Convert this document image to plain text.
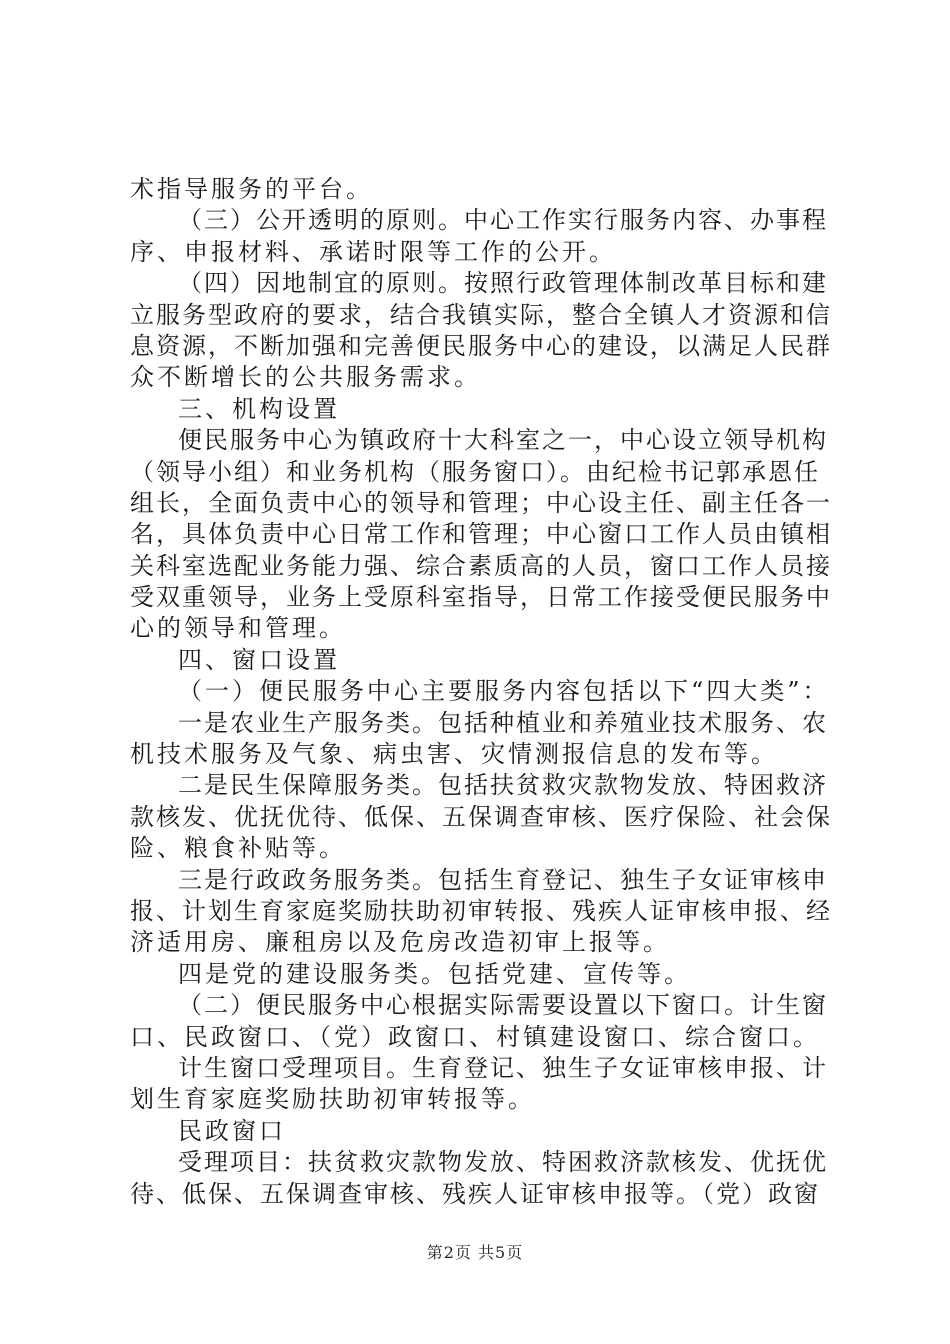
术指导服务的平台。
（三）公开透明的原则。中心工作实行服务内容、办事程
序、申报材料、承诺时限等工作的公开。
（四）因地制宜的原则。按照行政管理体制改革目标和建
立服务型政府的要求，结合我镇实际，整合全镇人才资源和信
息资源，不断加强和完善便民服务中心的建设，以满足人民群
众不断增长的公共服务需求。
三、机构设置
便民服务中心为镇政府十大科室之一，中心设立领导机构
（领导小组）和业务机构（服务窗口）。由纪检书记郭承恩任
组长，全面负责中心的领导和管理；中心设主任、副主任各一
名，具体负责中心日常工作和管理；中心窗口工作人员由镇相
关科室选配业务能力强、综合素质高的人员，窗口工作人员接
受双重领导，业务上受原科室指导，日常工作接受便民服务中
心的领导和管理。
四、窗口设置
（一）便民服务中心主要服务内容包括以下“四大类”：
一是农业生产服务类。包括种植业和养殖业技术服务、农
机技术服务及气象、病虫害、灾情测报信息的发布等。
二是民生保障服务类。包括扶贫救灾款物发放、特困救济
款核发、优抚优待、低保、五保调查审核、医疗保险、社会保
险、粮食补贴等。
三是行政政务服务类。包括生育登记、独生子女证审核申
报、计划生育家庭奖励扶助初审转报、残疾人证审核申报、经
济适用房、廉租房以及危房改造初审上报等。
四是党的建设服务类。包括党建、宣传等。
（二）便民服务中心根据实际需要设置以下窗口。计生窗
口、民政窗口、（党）政窗口、村镇建设窗口、综合窗口。
计生窗口受理项目。生育登记、独生子女证审核申报、计
划生育家庭奖励扶助初审转报等。
民政窗口
受理项目：扶贫救灾款物发放、特困救济款核发、优抚优
待、低保、五保调查审核、残疾人证审核申报等。（党）政窗
第2页 共5页
